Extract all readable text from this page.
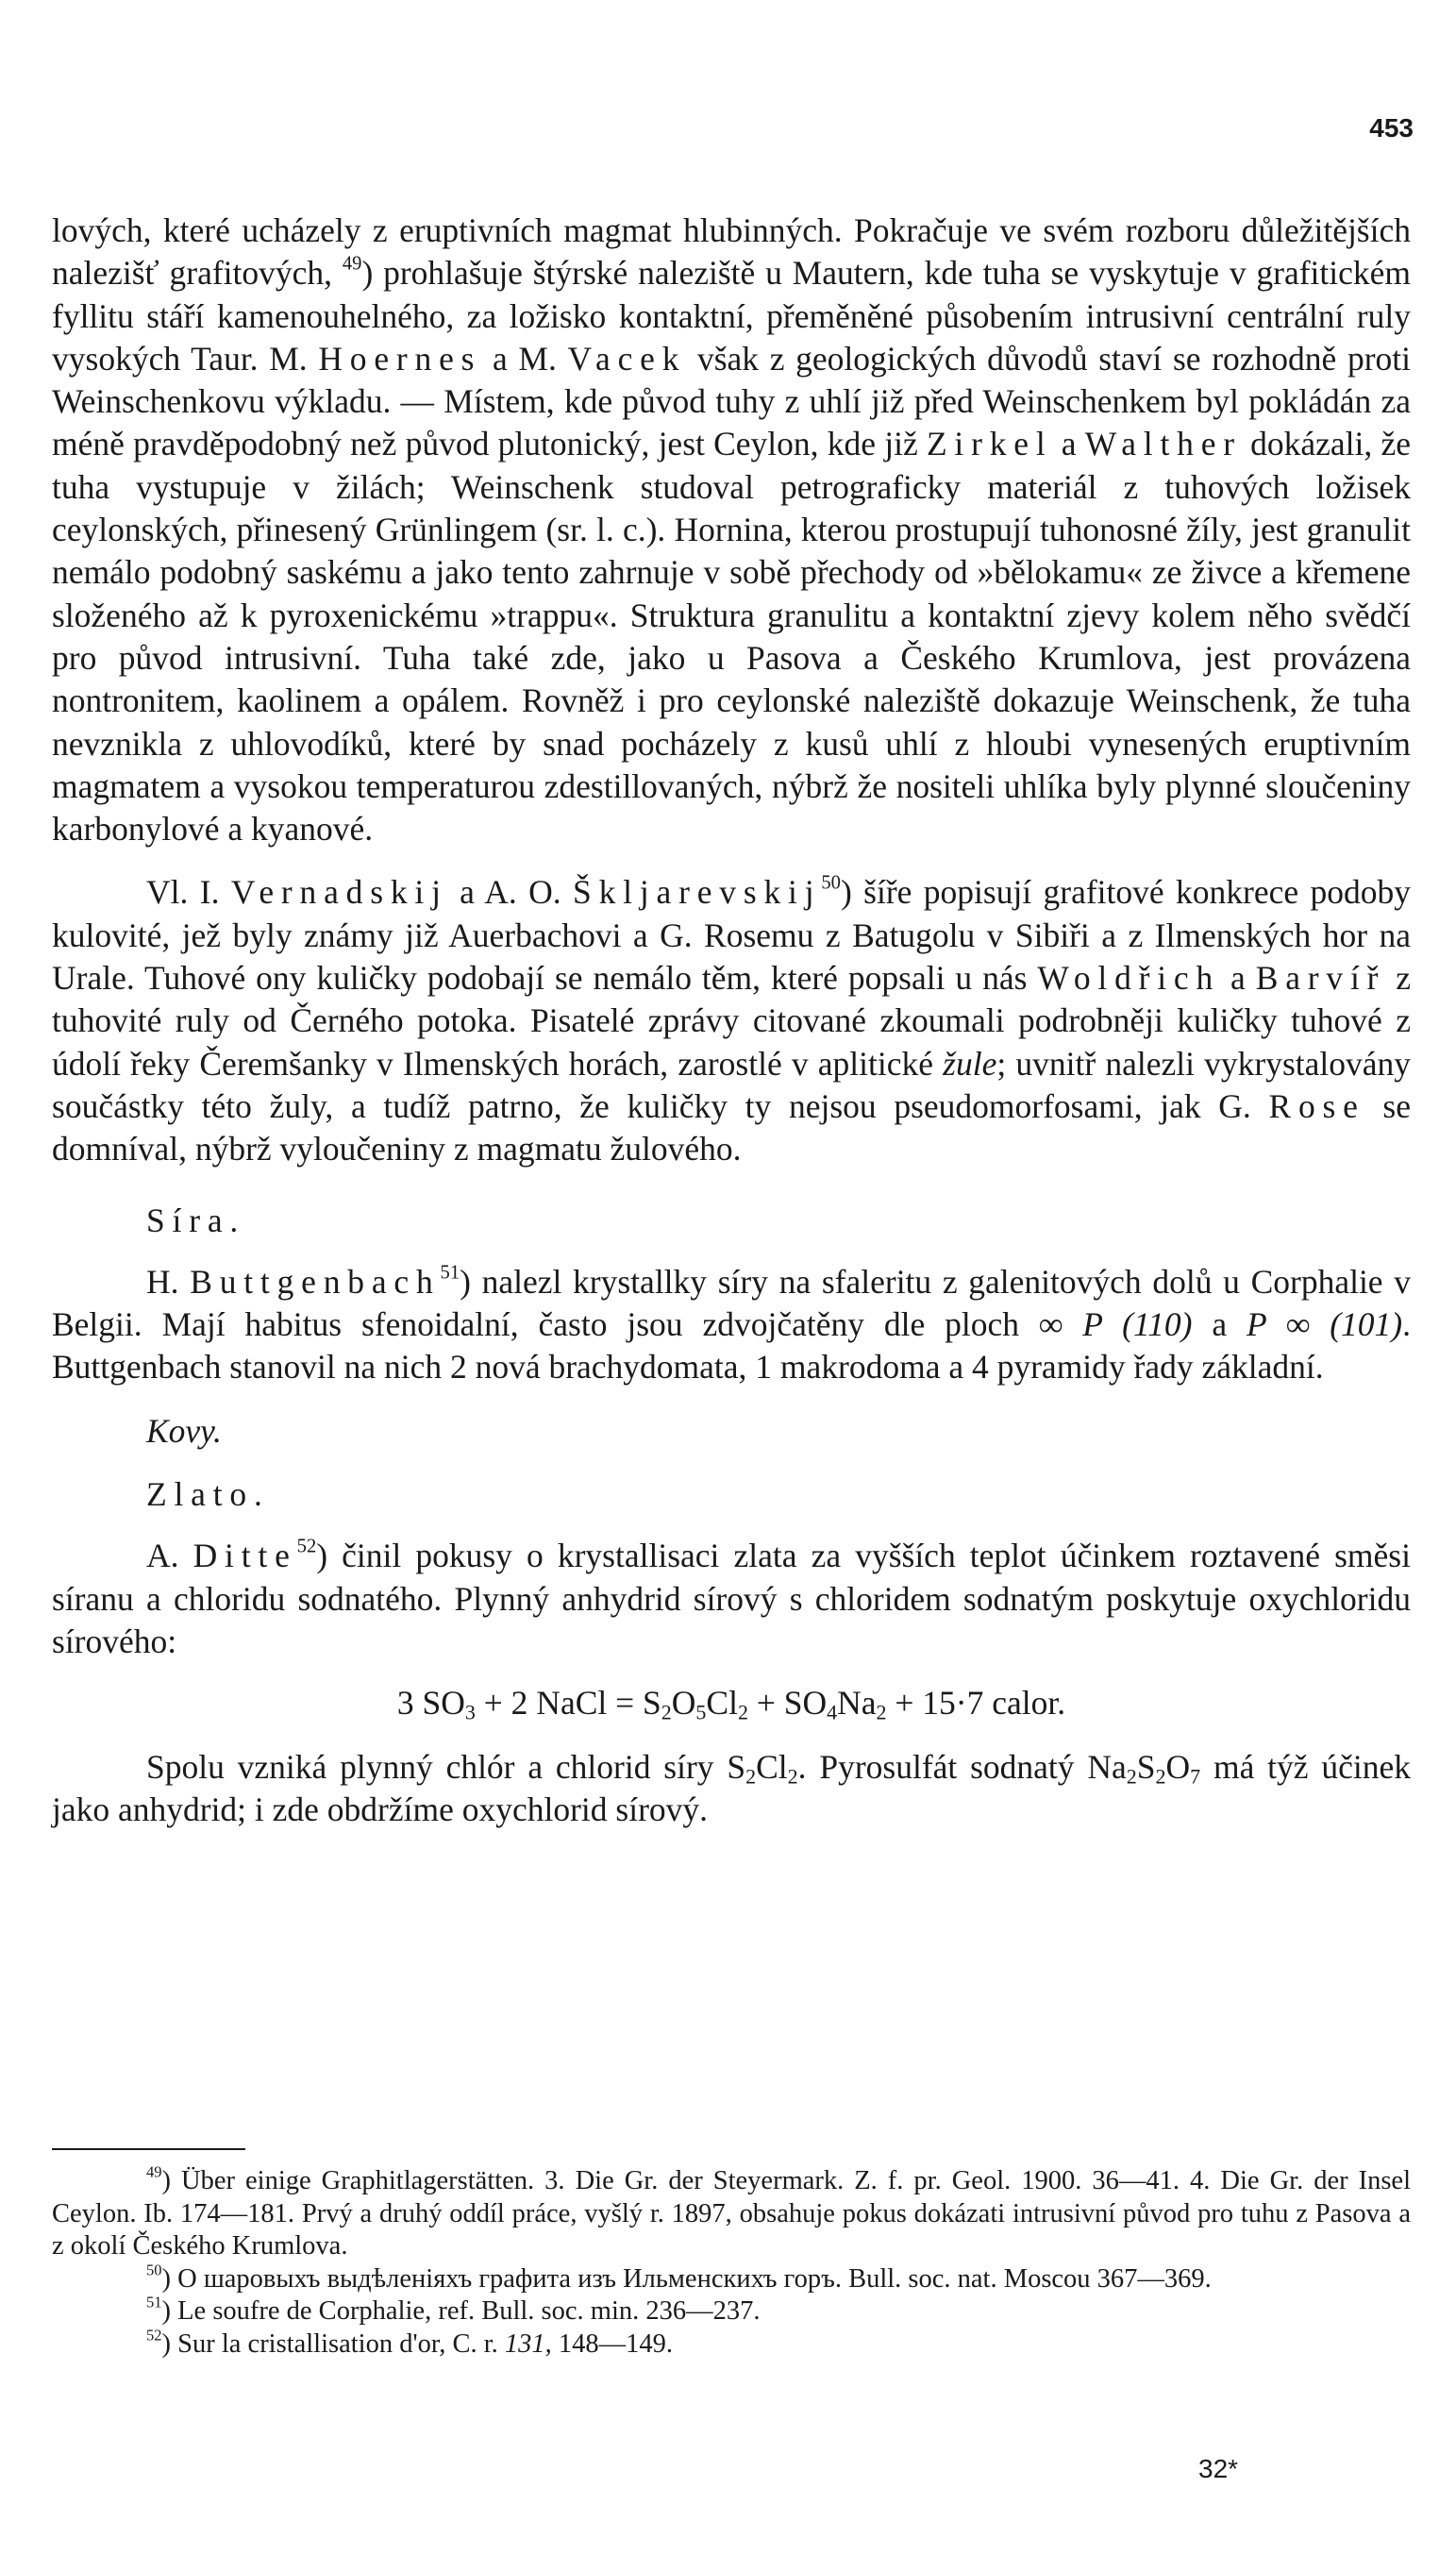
453

lových, které ucházely z eruptivních magmat hlubinných. Pokračuje ve svém rozboru důležitějších nalezišť grafitových, $^{49}$) prohlašuje štýrské naleziště u Mautern, kde tuha se vyskytuje v grafitickém fyllitu stáří kamenouhelného, za ložisko kontaktní, přeměněné působením intrusivní centrální ruly vysokých Taur. M. Hoernes a M. Vacek však z geologických důvodů staví se rozhodně proti Weinschenkovu výkladu. — Místem, kde původ tuhy z uhlí již před Weinschenkem byl pokládán za méně pravděpodobný než původ plutonický, jest Ceylon, kde již Zirkel a Walther dokázali, že tuha vystupuje v žilách; Weinschenk studoval petrograficky materiál z tuhových ložisek ceylonských, přinesený Grünlingem (sr. l. c.). Hornina, kterou prostupují tuhonosné žíly, jest granulit nemálo podobný saskému a jako tento zahrnuje v sobě přechody od »bělokamu« ze živce a křemene složeného až k pyroxenickému »trappu«. Struktura granulitu a kontaktní zjevy kolem něho svědčí pro původ intrusivní. Tuha také zde, jako u Pasova a Českého Krumlova, jest provázena nontronitem, kaolinem a opálem. Rovněž i pro ceylonské naleziště dokazuje Weinschenk, že tuha nevznikla z uhlovodíků, které by snad pocházely z kusů uhlí z hloubi vynesených eruptivním magmatem a vysokou temperaturou zdestillovaných, nýbrž že nositeli uhlíka byly plynné sloučeniny karbonylové a kyanové.

Vl. I. Vernadskij a A. O. Škljarevskij$^{50}$) šíře popisují grafitové konkrece podoby kulovité, jež byly známy již Auerbachovi a G. Rosemu z Batugolu v Sibiři a z Ilmenských hor na Urale. Tuhové ony kuličky podobají se nemálo těm, které popsali u nás Woldřich a Barvíř z tuhovité ruly od Černého potoka. Pisatelé zprávy citované zkoumali podrobněji kuličky tuhové z údolí řeky Čeremšanky v Ilmenských horách, zarostlé v aplitické žule; uvnitř nalezli vykrystalovány součástky této žuly, a tudíž patrno, že kuličky ty nejsou pseudomorfosami, jak G. Rose se domníval, nýbrž vyloučeniny z magmatu žulového.

Síra.

H. Buttgenbach$^{51}$) nalezl krystallky síry na sfaleritu z galenitových dolů u Corphalie v Belgii. Mají habitus sfenoidalní, často jsou zdvojčatěny dle ploch ∞ P (110) a P ∞ (101). Buttgenbach stanovil na nich 2 nová brachydomata, 1 makrodoma a 4 pyramidy řady základní.

Kovy.

Zlato.

A. Ditte$^{52}$) činil pokusy o krystallisaci zlata za vyšších teplot účinkem roztavené směsi síranu a chloridu sodnatého. Plynný anhydrid sírový s chloridem sodnatým poskytuje oxychloridu sírového:

3 $SO_3 + 2$ NaCl = $S_2O_5Cl_2 + SO_4Na_2 + 15\cdot 7$ calor.

Spolu vzniká plynný chlór a chlorid síry $S_2Cl_2$. Pyrosulfát sodnatý $Na_2S_2O_7$ má týž účinek jako anhydrid; i zde obdržíme oxychlorid sírový.

$^{49}$) Über einige Graphitlagerstätten. 3. Die Gr. der Steyermark. Z. f. pr. Geol. 1900. 36—41. 4. Die Gr. der Insel Ceylon. Ib. 174—181. Prvý a druhý oddíl práce, vyšlý r. 1897, obsahuje pokus dokázati intrusivní původ pro tuhu z Pasova a z okolí Českého Krumlova.

$^{50}$) О шаровыхъ выдѣленіяхъ графита изъ Ильменскихъ горъ. Bull. soc. nat. Moscou 367—369.

$^{51}$) Le soufre de Corphalie, ref. Bull. soc. min. 236—237.

$^{52}$) Sur la cristallisation d'or, C. r. 131, 148—149.

32*
